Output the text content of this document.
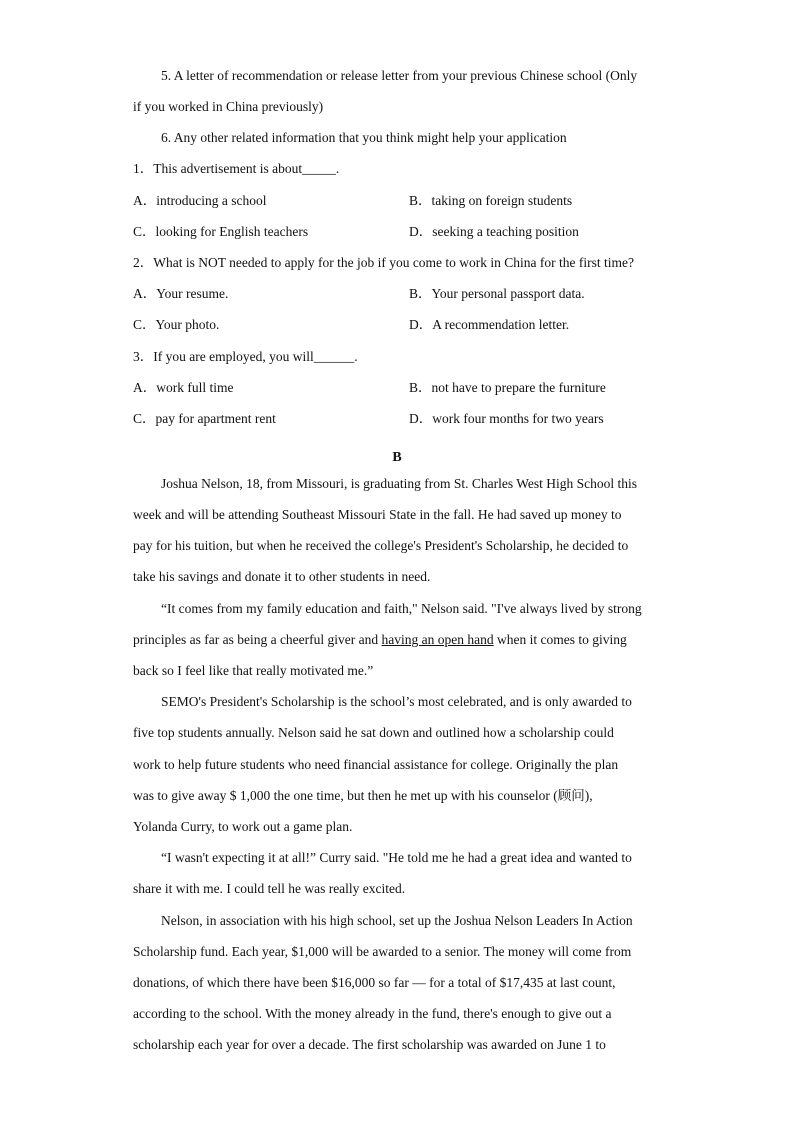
5. A letter of recommendation or release letter from your previous Chinese school (Only
if you worked in China previously)
6. Any other related information that you think might help your application
1．This advertisement is about_____.
A．introducing a school	B．taking on foreign students
C．looking for English teachers	D．seeking a teaching position
2．What is NOT needed to apply for the job if you come to work in China for the first time?
A．Your resume.	B．Your personal passport data.
C．Your photo.	D．A recommendation letter.
3．If you are employed, you will______.
A．work full time	B．not have to prepare the furniture
C．pay for apartment rent	D．work four months for two years
B
Joshua Nelson, 18, from Missouri, is graduating from St. Charles West High School this
week and will be attending Southeast Missouri State in the fall. He had saved up money to
pay for his tuition, but when he received the college's President's Scholarship, he decided to
take his savings and donate it to other students in need.
“It comes from my family education and faith," Nelson said. "I've always lived by strong
principles as far as being a cheerful giver and having an open hand when it comes to giving
back so I feel like that really motivated me.”
SEMO's President's Scholarship is the school’s most celebrated, and is only awarded to
five top students annually. Nelson said he sat down and outlined how a scholarship could
work to help future students who need financial assistance for college. Originally the plan
was to give away $ 1,000 the one time, but then he met up with his counselor (顾问),
Yolanda Curry, to work out a game plan.
“I wasn't expecting it at all!” Curry said. "He told me he had a great idea and wanted to
share it with me. I could tell he was really excited.
Nelson, in association with his high school, set up the Joshua Nelson Leaders In Action
Scholarship fund. Each year, $1,000 will be awarded to a senior. The money will come from
donations, of which there have been $16,000 so far — for a total of $17,435 at last count,
according to the school. With the money already in the fund, there's enough to give out a
scholarship each year for over a decade. The first scholarship was awarded on June 1 to
